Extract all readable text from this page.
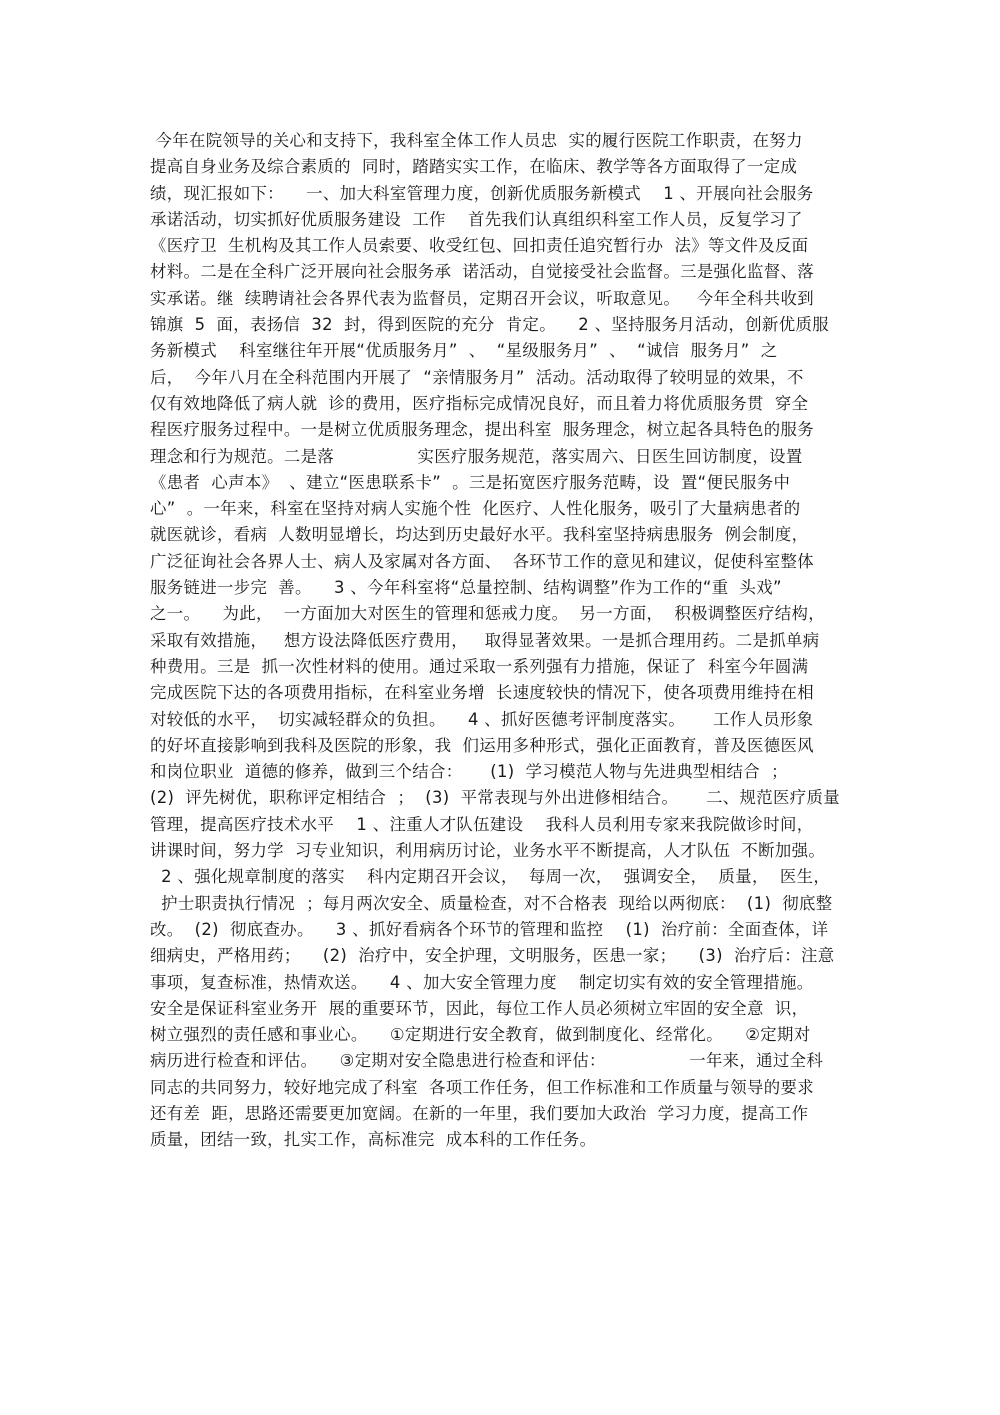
今年在院领导的关心和支持下，我科室全体工作人员忠  实的履行医院工作职责，在努力
提高自身业务及综合素质的  同时，踏踏实实工作，在临床、教学等各方面取得了一定成
绩，现汇报如下：    一、加大科室管理力度，创新优质服务新模式    1 、开展向社会服务
承诺活动，切实抓好优质服务建设  工作    首先我们认真组织科室工作人员，反复学习了
《医疗卫  生机构及其工作人员索要、收受红包、回扣责任追究暂行办  法》等文件及反面
材料。二是在全科广泛开展向社会服务承  诺活动，自觉接受社会监督。三是强化监督、落
实承诺。继  续聘请社会各界代表为监督员，定期召开会议，听取意见。   今年全科共收到
锦旗  5  面，表扬信  32  封，得到医院的充分  肯定。    2 、坚持服务月活动，创新优质服
务新模式    科室继往年开展“优质服务月”  、  “星级服务月”  、  “诚信  服务月”  之
后，  今年八月在全科范围内开展了  “亲情服务月”  活动。活动取得了较明显的效果，不
仅有效地降低了病人就  诊的费用，医疗指标完成情况良好，而且着力将优质服务贯  穿全
程医疗服务过程中。一是树立优质服务理念，提出科室  服务理念，树立起各具特色的服务
理念和行为规范。二是落               实医疗服务规范，落实周六、日医生回访制度，设置
《患者  心声本》  、建立“医患联系卡”  。三是拓宽医疗服务范畴，设  置“便民服务中
心”  。一年来，科室在坚持对病人实施个性  化医疗、人性化服务，吸引了大量病患者的
就医就诊，看病  人数明显增长，均达到历史最好水平。我科室坚持病患服务  例会制度，
广泛征询社会各界人士、病人及家属对各方面、  各环节工作的意见和建议，促使科室整体
服务链进一步完  善。    3 、今年科室将“总量控制、结构调整”作为工作的“重  头戏”
之一。    为此，  一方面加大对医生的管理和惩戒力度。  另一方面，  积极调整医疗结构，
采取有效措施，   想方设法降低医疗费用，   取得显著效果。一是抓合理用药。二是抓单病
种费用。三是  抓一次性材料的使用。通过采取一系列强有力措施，保证了  科室今年圆满
完成医院下达的各项费用指标，在科室业务增  长速度较快的情况下，使各项费用维持在相
对较低的水平，  切实减轻群众的负担。    4 、抓好医德考评制度落实。     工作人员形象
的好坏直接影响到我科及医院的形象，我  们运用多种形式，强化正面教育，普及医德医风
和岗位职业  道德的修养，做到三个结合：     (1)  学习模范人物与先进典型相结合  ；
(2)  评先树优，职称评定相结合  ；  (3)  平常表现与外出进修相结合。     二、规范医疗质量
管理，提高医疗技术水平    1 、注重人才队伍建设    我科人员利用专家来我院做诊时间，
讲课时间，努力学  习专业知识，利用病历讨论，业务水平不断提高，人才队伍  不断加强。
2 、强化规章制度的落实    科内定期召开会议，  每周一次，  强调安全，  质量，  医生，
护士职责执行情况  ；每月两次安全、质量检查，对不合格表  现给以两彻底：  (1)  彻底整
改。  (2)  彻底查办。    3 、抓好看病各个环节的管理和监控    (1)  治疗前：全面查体，详
细病史，严格用药；    (2)  治疗中，安全护理，文明服务，医患一家；    (3)  治疗后：注意
事项，复查标准，热情欢送。    4 、加大安全管理力度    制定切实有效的安全管理措施。
安全是保证科室业务开  展的重要环节，因此，每位工作人员必须树立牢固的安全意  识，
树立强烈的责任感和事业心。    ①定期进行安全教育，做到制度化、经常化。    ②定期对
病历进行检查和评估。    ③定期对安全隐患进行检查和评估：               一年来，通过全科
同志的共同努力，较好地完成了科室  各项工作任务，但工作标准和工作质量与领导的要求
还有差  距，思路还需要更加宽阔。在新的一年里，我们要加大政治  学习力度，提高工作
质量，团结一致，扎实工作，高标准完  成本科的工作任务。
